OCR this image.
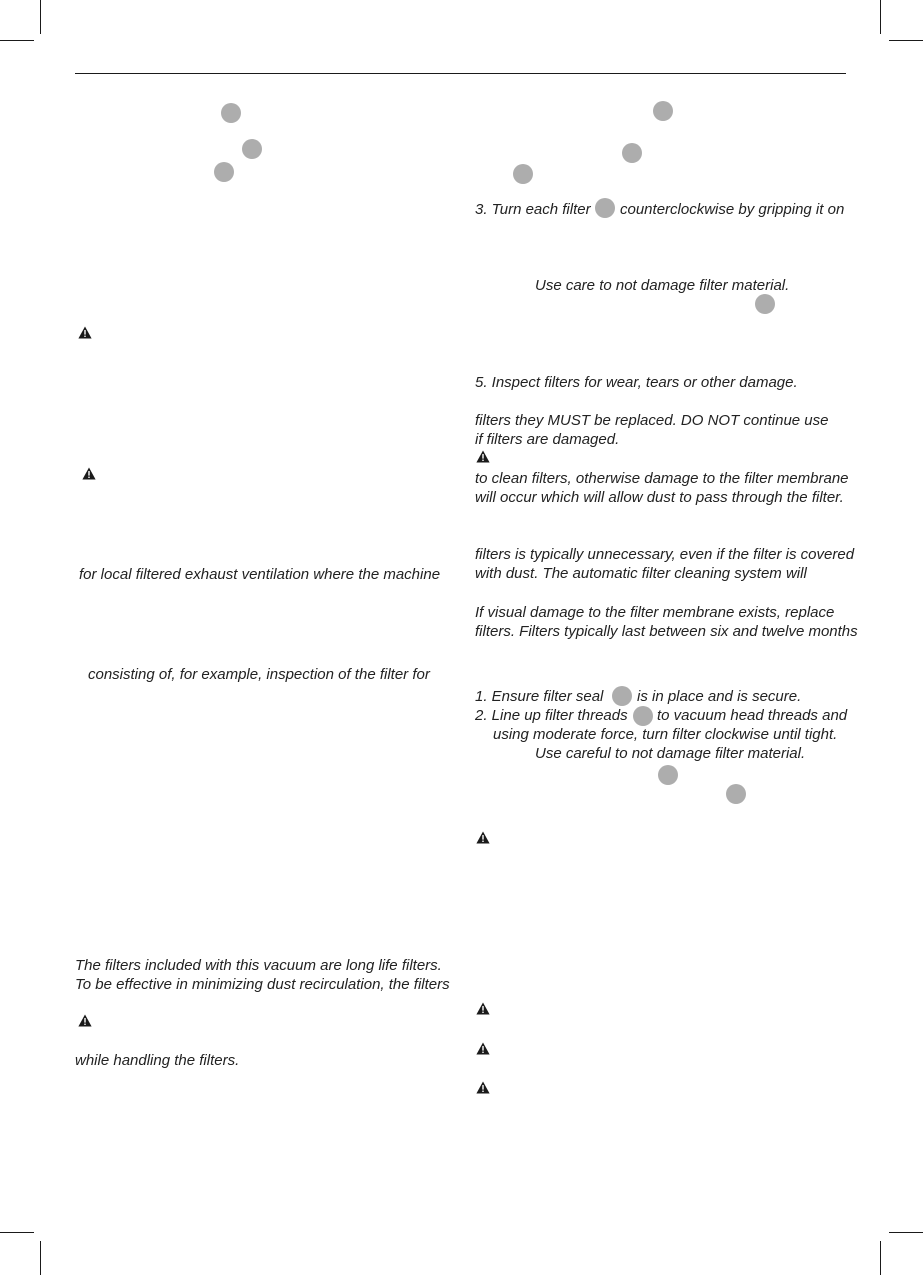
for local filtered exhaust ventilation where the machine
consisting of, for example, inspection of the filter for
The filters included with this vacuum are long life filters.
To be effective in minimizing dust recirculation, the filters
while handling the filters.
3. Turn each filter counterclockwise by gripping it on
Use care to not damage filter material.
5. Inspect filters for wear, tears or other damage.
filters they MUST be replaced. DO NOT continue use
if filters are damaged.
to clean filters, otherwise damage to the filter membrane
will occur which will allow dust to pass through the filter.
filters is typically unnecessary, even if the filter is covered
with dust. The automatic filter cleaning system will
If visual damage to the filter membrane exists, replace
filters. Filters typically last between six and twelve months
1. Ensure filter seal is in place and is secure.
2. Line up filter threads to vacuum head threads and
using moderate force, turn filter clockwise until tight.
Use careful to not damage filter material.
